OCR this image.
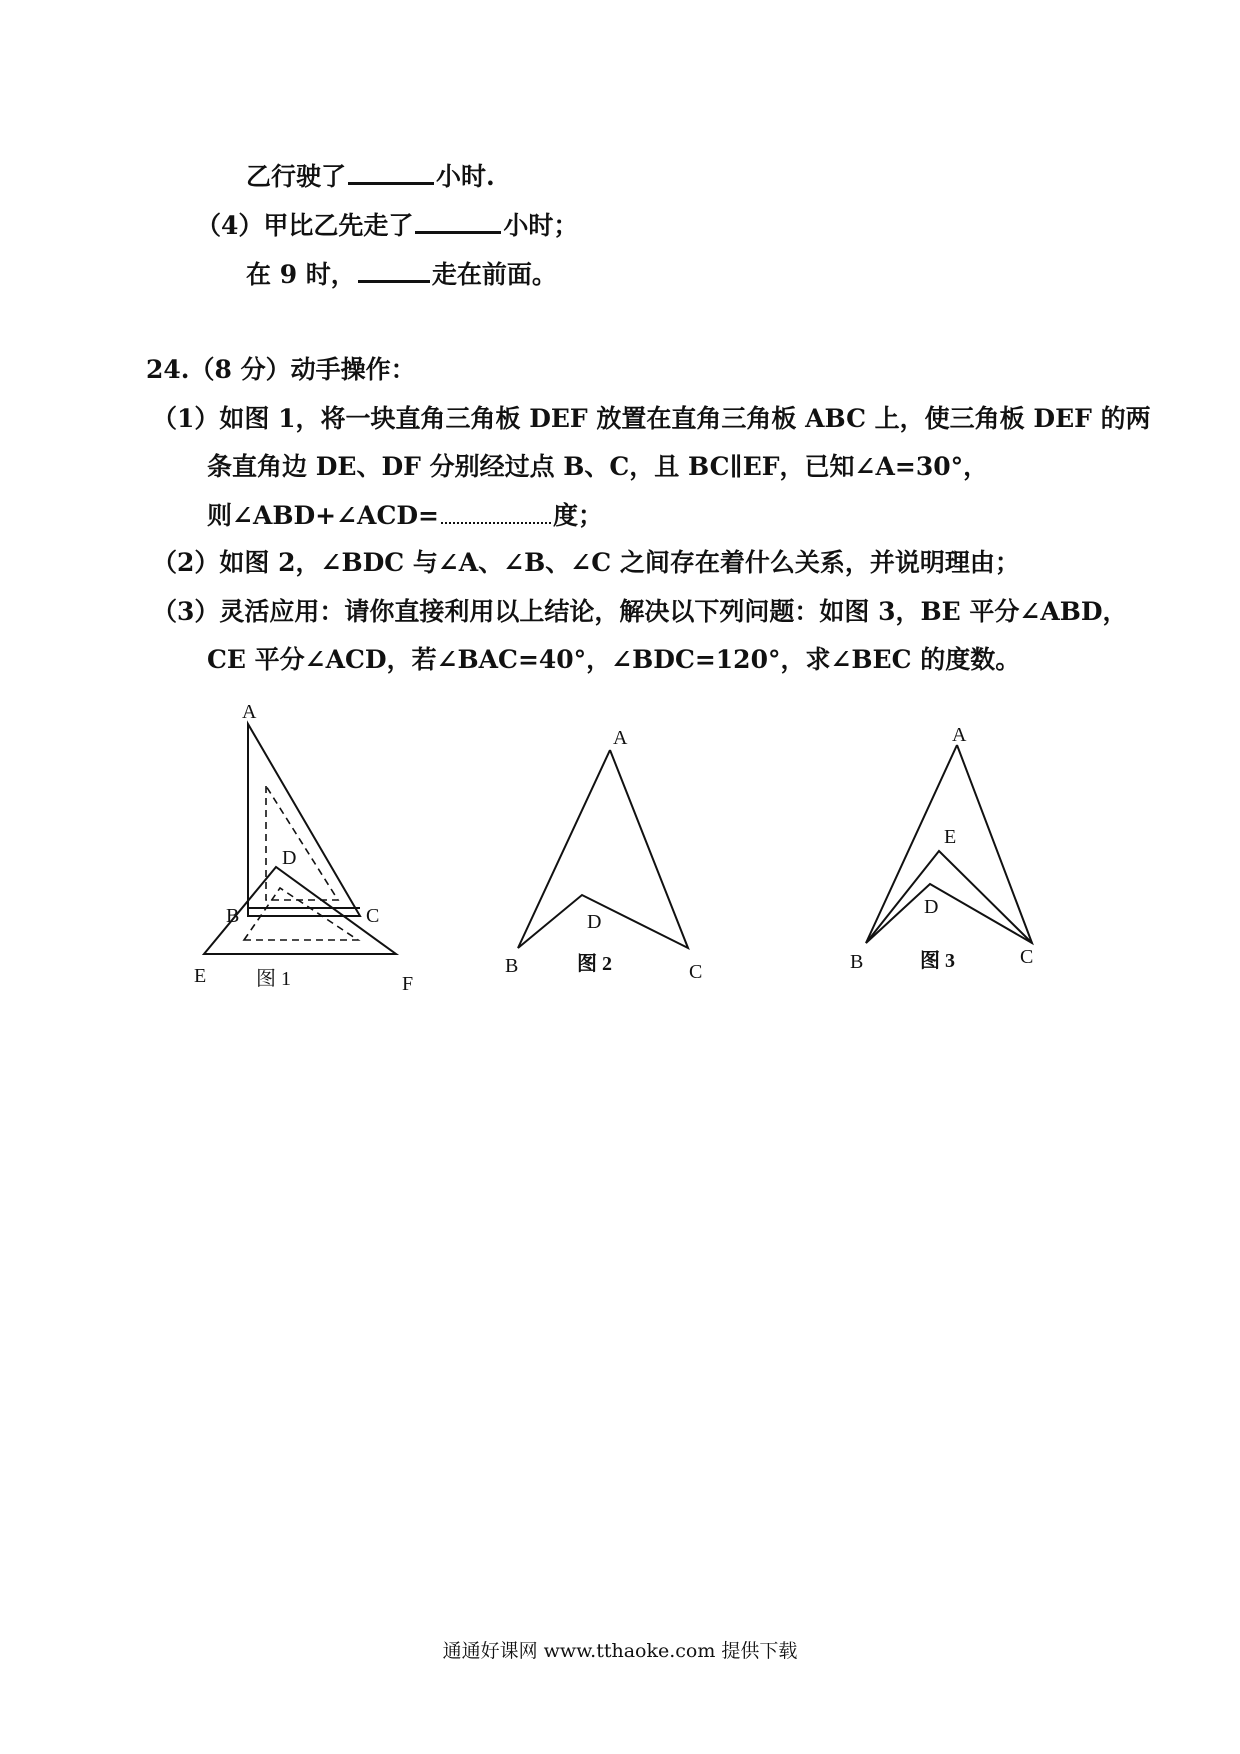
乙行驶了	小时.
（4）甲比乙先走了	小时；
在 9 时，	走在前面。
24.（8 分）动手操作：
（1）如图 1，将一块直角三角板 DEF 放置在直角三角板 ABC 上，使三角板 DEF 的两
条直角边 DE、DF 分别经过点 B、C，且 BC∥EF，已知∠A=30°，
则∠ABD+∠ACD=	度；
（2）如图 2，∠BDC 与∠A、∠B、∠C 之间存在着什么关系，并说明理由；
（3）灵活应用：请你直接利用以上结论，解决以下列问题：如图 3，BE 平分∠ABD，
CE 平分∠ACD，若∠BAC=40°，∠BDC=120°，求∠BEC 的度数。
A
D
B	C
E	F
图 1
A
D
B	C
图 2
A
E
D
B	C
图 3
通通好课网 www.tthaoke.com 提供下载
